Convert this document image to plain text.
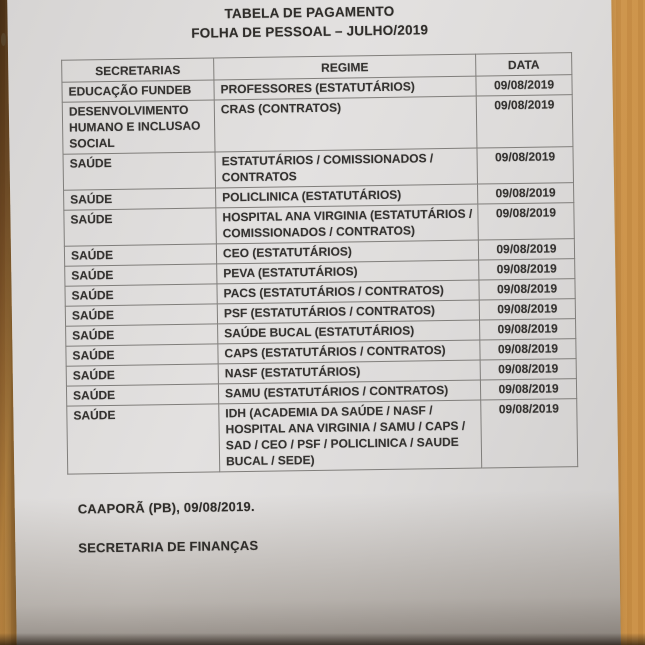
TABELA DE PAGAMENTO
FOLHA DE PESSOAL – JULHO/2019
SECRETARIAS	REGIME	DATA
EDUCAÇÃO FUNDEB	PROFESSORES (ESTATUTÁRIOS)	09/08/2019
DESENVOLVIMENTO HUMANO E INCLUSAO SOCIAL	CRAS (CONTRATOS)	09/08/2019
SAÚDE	ESTATUTÁRIOS / COMISSIONADOS / CONTRATOS	09/08/2019
SAÚDE	POLICLINICA (ESTATUTÁRIOS)	09/08/2019
SAÚDE	HOSPITAL ANA VIRGINIA (ESTATUTÁRIOS / COMISSIONADOS / CONTRATOS)	09/08/2019
SAÚDE	CEO (ESTATUTÁRIOS)	09/08/2019
SAÚDE	PEVA (ESTATUTÁRIOS)	09/08/2019
SAÚDE	PACS (ESTATUTÁRIOS / CONTRATOS)	09/08/2019
SAÚDE	PSF (ESTATUTÁRIOS / CONTRATOS)	09/08/2019
SAÚDE	SAÚDE BUCAL (ESTATUTÁRIOS)	09/08/2019
SAÚDE	CAPS (ESTATUTÁRIOS / CONTRATOS)	09/08/2019
SAÚDE	NASF (ESTATUTÁRIOS)	09/08/2019
SAÚDE	SAMU (ESTATUTÁRIOS / CONTRATOS)	09/08/2019
SAÚDE	IDH (ACADEMIA DA SAÚDE / NASF / HOSPITAL ANA VIRGINIA / SAMU / CAPS / SAD / CEO / PSF / POLICLINICA / SAUDE BUCAL / SEDE)	09/08/2019
CAAPORÃ (PB), 09/08/2019.
SECRETARIA DE FINANÇAS
